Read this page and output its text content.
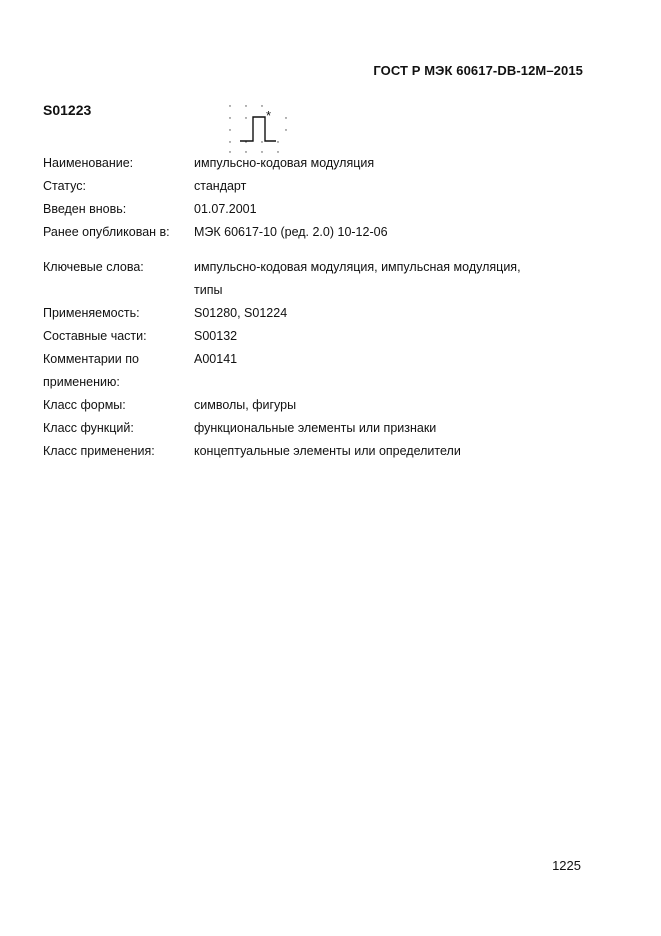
ГОСТ Р МЭК 60617-DB-12M–2015
S01223	*
Наименование:	импульсно-кодовая модуляция
Статус:	стандарт
Введен вновь:	01.07.2001
Ранее опубликован в:	МЭК 60617-10 (ред. 2.0) 10-12-06
Ключевые слова:	импульсно-кодовая модуляция, импульсная модуляция,
типы
Применяемость:	S01280, S01224
Составные части:	S00132
Комментарии по	A00141
применению:
Класс формы:	символы, фигуры
Класс функций:	функциональные элементы или признаки
Класс применения:	концептуальные элементы или определители
1225
